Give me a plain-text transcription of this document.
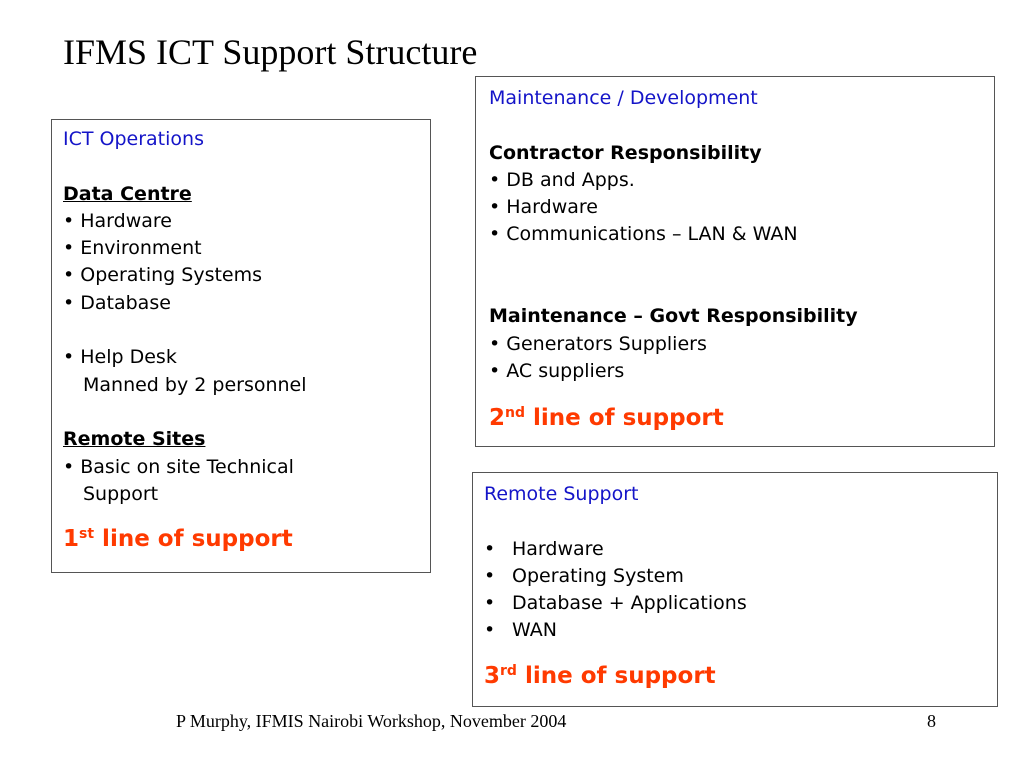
IFMS ICT Support Structure
ICT Operations
Data Centre
• Hardware
• Environment
• Operating Systems
• Database
• Help Desk
Manned by 2 personnel
Remote Sites
• Basic on site Technical
Support
1st line of support
Maintenance / Development
Contractor Responsibility
• DB and Apps.
• Hardware
• Communications – LAN & WAN
Maintenance – Govt Responsibility
• Generators Suppliers
• AC suppliers
2nd line of support
Remote Support
• Hardware
• Operating System
• Database + Applications
• WAN
3rd line of support
P Murphy, IFMIS Nairobi Workshop, November 2004	8
